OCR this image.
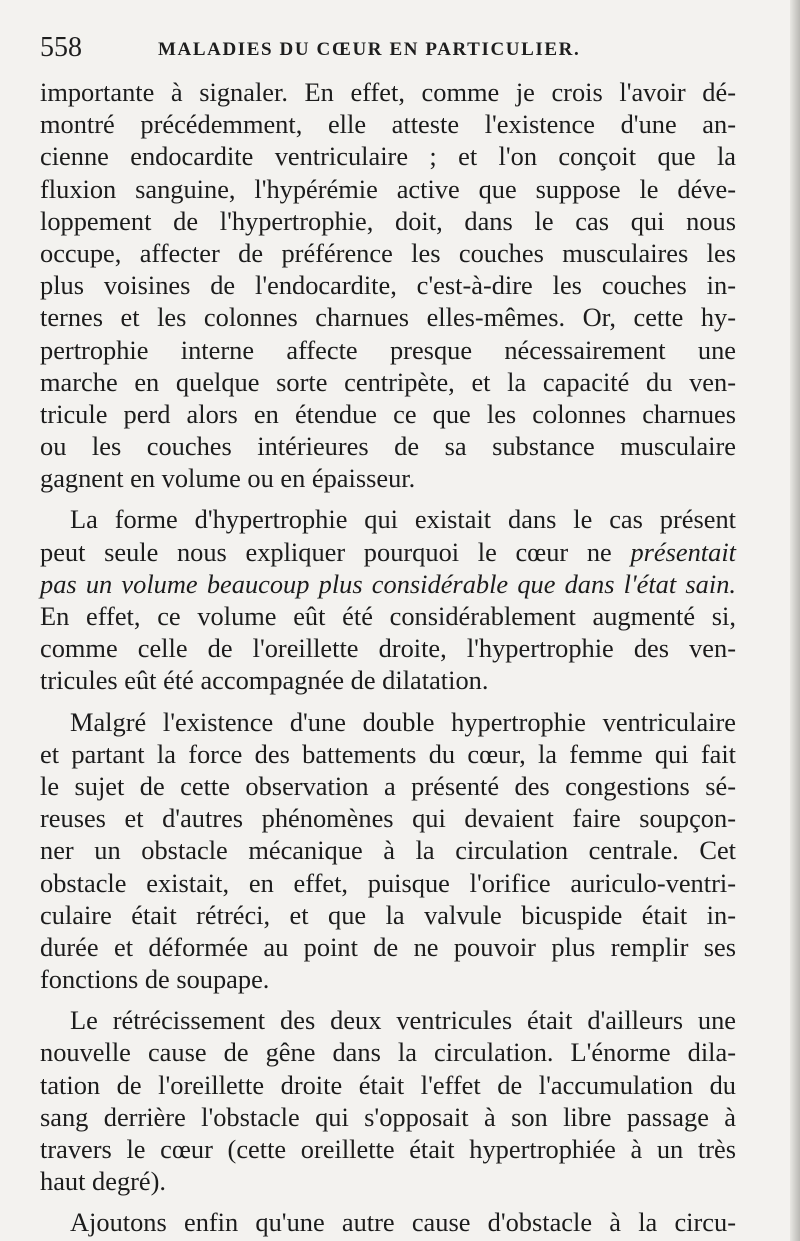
558	MALADIES DU CŒUR EN PARTICULIER.
importante à signaler. En effet, comme je crois l'avoir dé-
montré précédemment, elle atteste l'existence d'une an-
cienne endocardite ventriculaire ; et l'on conçoit que la
fluxion sanguine, l'hypérémie active que suppose le déve-
loppement de l'hypertrophie, doit, dans le cas qui nous
occupe, affecter de préférence les couches musculaires les
plus voisines de l'endocardite, c'est-à-dire les couches in-
ternes et les colonnes charnues elles-mêmes. Or, cette hy-
pertrophie interne affecte presque nécessairement une
marche en quelque sorte centripète, et la capacité du ven-
tricule perd alors en étendue ce que les colonnes charnues
ou les couches intérieures de sa substance musculaire
gagnent en volume ou en épaisseur.
La forme d'hypertrophie qui existait dans le cas présent
peut seule nous expliquer pourquoi le cœur ne présentait
pas un volume beaucoup plus considérable que dans l'état sain.
En effet, ce volume eût été considérablement augmenté si,
comme celle de l'oreillette droite, l'hypertrophie des ven-
tricules eût été accompagnée de dilatation.
Malgré l'existence d'une double hypertrophie ventriculaire
et partant la force des battements du cœur, la femme qui fait
le sujet de cette observation a présenté des congestions sé-
reuses et d'autres phénomènes qui devaient faire soupçon-
ner un obstacle mécanique à la circulation centrale. Cet
obstacle existait, en effet, puisque l'orifice auriculo-ventri-
culaire était rétréci, et que la valvule bicuspide était in-
durée et déformée au point de ne pouvoir plus remplir ses
fonctions de soupape.
Le rétrécissement des deux ventricules était d'ailleurs une
nouvelle cause de gêne dans la circulation. L'énorme dila-
tation de l'oreillette droite était l'effet de l'accumulation du
sang derrière l'obstacle qui s'opposait à son libre passage à
travers le cœur (cette oreillette était hypertrophiée à un très
haut degré).
Ajoutons enfin qu'une autre cause d'obstacle à la circu-
